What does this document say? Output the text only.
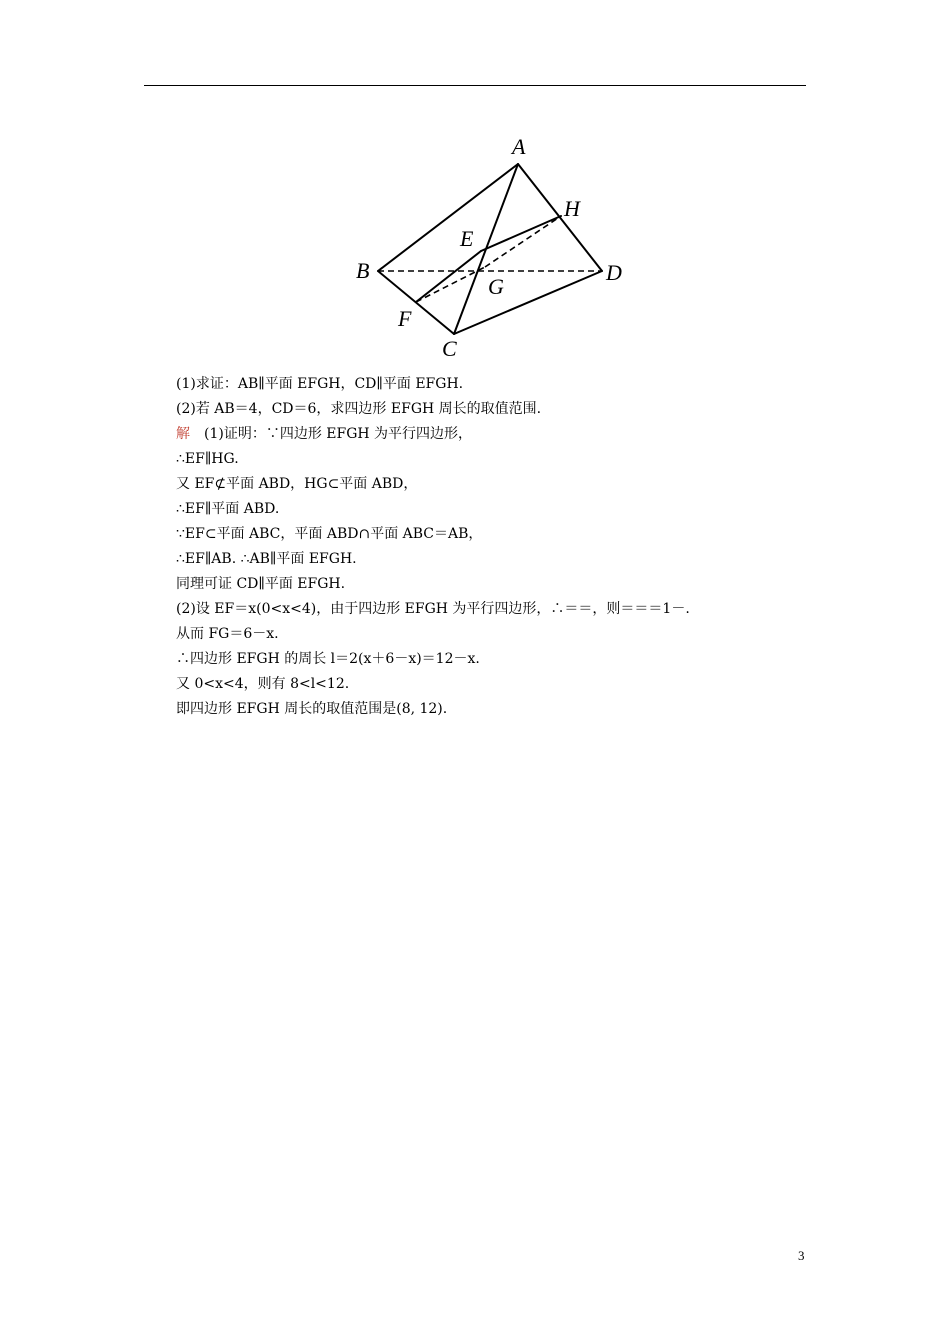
A
B
C
D
E
F
G
H
(1)求证：AB∥平面 EFGH，CD∥平面 EFGH.
(2)若 AB＝4，CD＝6，求四边形 EFGH 周长的取值范围.
解　 (1)证明：∵四边形 EFGH 为平行四边形，
∴EF∥HG.
又 EF⊄平面 ABD，HG⊂平面 ABD，
∴EF∥平面 ABD.
∵EF⊂平面 ABC，平面 ABD∩平面 ABC＝AB，
∴EF∥AB. ∴AB∥平面 EFGH.
同理可证 CD∥平面 EFGH.
(2)设 EF＝x(0<x<4)，由于四边形 EFGH 为平行四边形，∴＝＝，则＝＝＝1－.
从而 FG＝6－x.
∴四边形 EFGH 的周长 l＝2(x＋6－x)＝12－x.
又 0<x<4，则有 8<l<12.
即四边形 EFGH 周长的取值范围是(8, 12).
3
